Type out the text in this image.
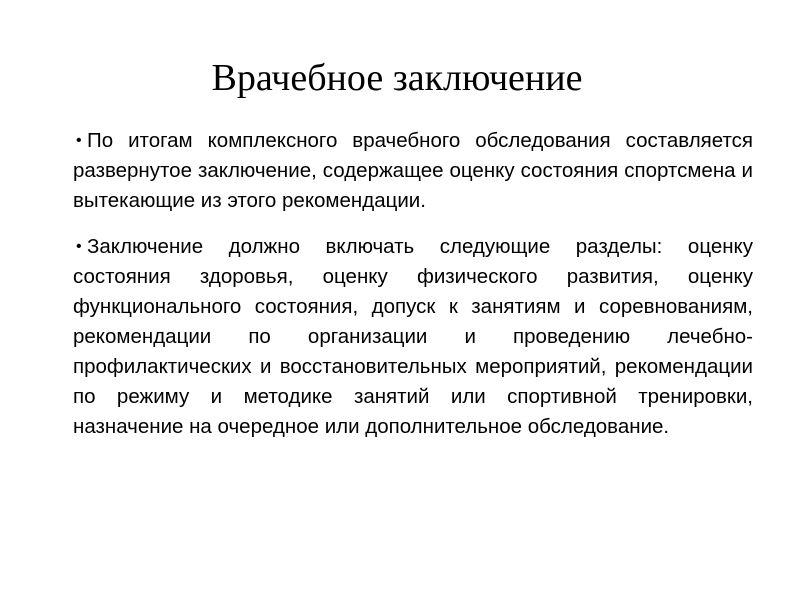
Врачебное заключение
• По итогам комплексного врачебного обследования составляется развернутое заключение, содержащее оценку состояния спортсмена и вытекающие из этого рекомендации.
• Заключение должно включать следующие разделы: оценку состояния здоровья, оценку физического развития, оценку функционального состояния, допуск к занятиям и соревнованиям, рекомендации по организации и проведению лечебно-профилактических и восстановительных мероприятий, рекомендации по режиму и методике занятий или спортивной тренировки, назначение на очередное или дополнительное обследование.
